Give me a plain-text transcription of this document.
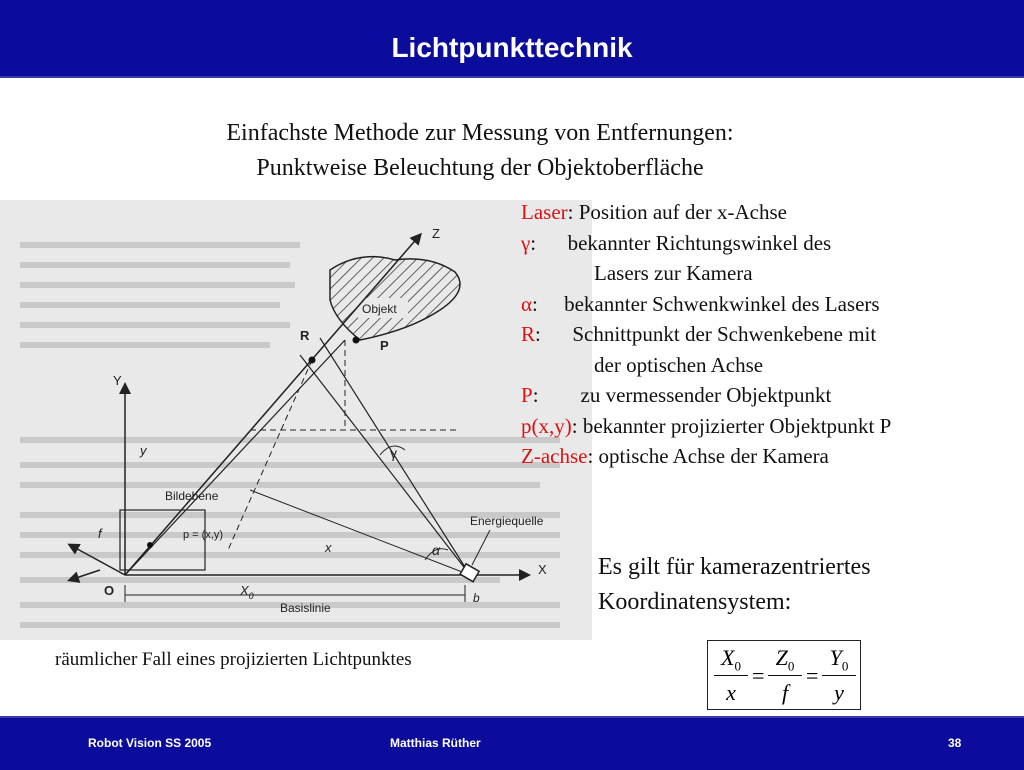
Lichtpunkttechnik
Einfachste Methode zur Messung von Entfernungen:
Punktweise Beleuchtung der Objektoberfläche
Objekt
Z
Y
X
Bildebene
p = (x,y)
f
O
y
x
R
P
γ
α
Energiequelle
$X_0$
Basislinie
b
Laser: Position auf der x-Achse
γ:      bekannter Richtungswinkel des
Lasers zur Kamera
α:     bekannter Schwenkwinkel des Lasers
R:      Schnittpunkt der Schwenkebene mit
der optischen Achse
P:        zu vermessender Objektpunkt
p(x,y): bekannter projizierter Objektpunkt P
Z-achse: optische Achse der Kamera
Es gilt für kamerazentriertes
Koordinatensystem:
$X_0$
x
=
$Z_0$
f
=
$Y_0$
y
räumlicher Fall eines projizierten Lichtpunktes
Robot Vision SS 2005	Matthias Rüther	38
